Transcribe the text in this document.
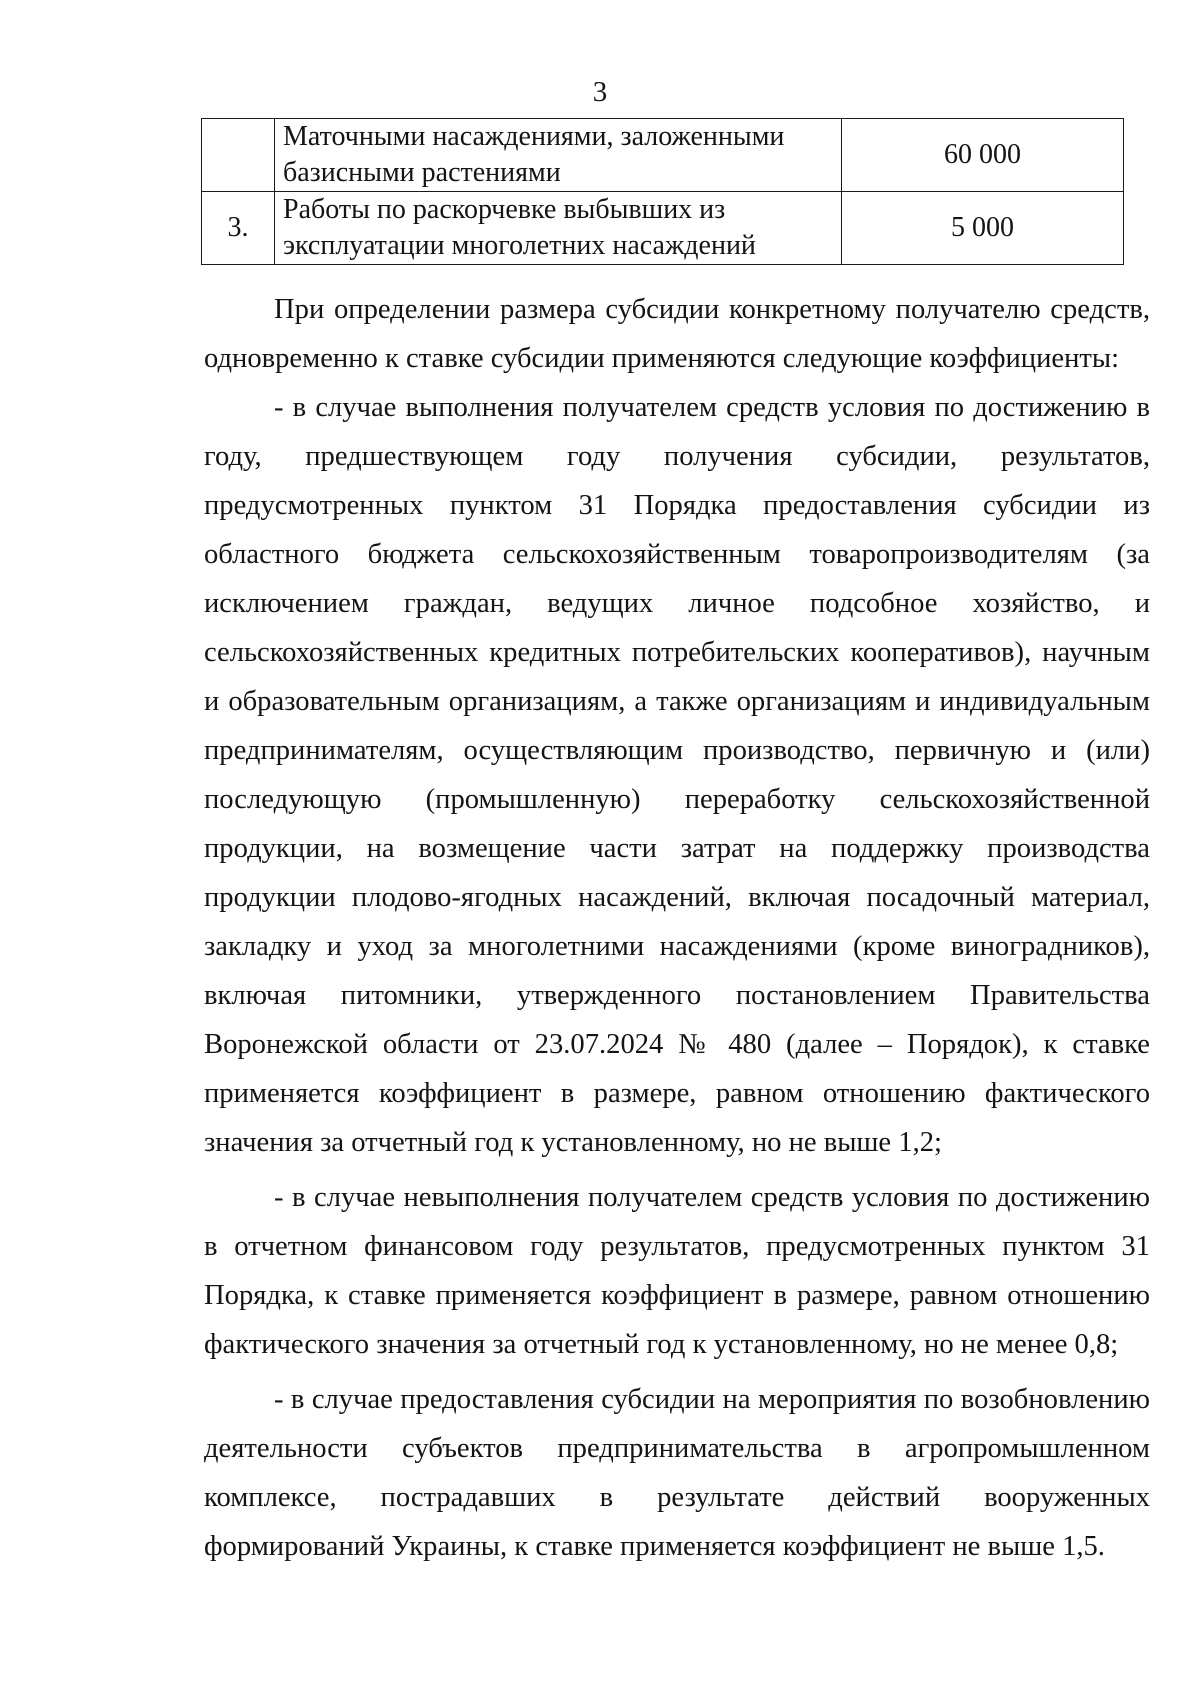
3

	Маточными насаждениями, заложенными
базисными растениями	60 000
3.	Работы по раскорчевке выбывших из
эксплуатации многолетних насаждений	5 000

При определении размера субсидии конкретному получателю средств, одновременно к ставке субсидии применяются следующие коэффициенты:

- в случае выполнения получателем средств условия по достижению в году, предшествующем году получения субсидии, результатов, предусмотренных пунктом 31 Порядка предоставления субсидии из областного бюджета сельскохозяйственным товаропроизводителям (за исключением граждан, ведущих личное подсобное хозяйство, и сельскохозяйственных кредитных потребительских кооперативов), научным и образовательным организациям, а также организациям и индивидуальным предпринимателям, осуществляющим производство, первичную и (или) последующую (промышленную) переработку сельскохозяйственной продукции, на возмещение части затрат на поддержку производства продукции плодово-ягодных насаждений, включая посадочный материал, закладку и уход за многолетними насаждениями (кроме виноградников), включая питомники, утвержденного постановлением Правительства Воронежской области от 23.07.2024 № 480 (далее – Порядок), к ставке применяется коэффициент в размере, равном отношению фактического значения за отчетный год к установленному, но не выше 1,2;

- в случае невыполнения получателем средств условия по достижению в отчетном финансовом году результатов, предусмотренных пунктом 31 Порядка, к ставке применяется коэффициент в размере, равном отношению фактического значения за отчетный год к установленному, но не менее 0,8;

- в случае предоставления субсидии на мероприятия по возобновлению деятельности субъектов предпринимательства в агропромышленном комплексе, пострадавших в результате действий вооруженных формирований Украины, к ставке применяется коэффициент не выше 1,5.
